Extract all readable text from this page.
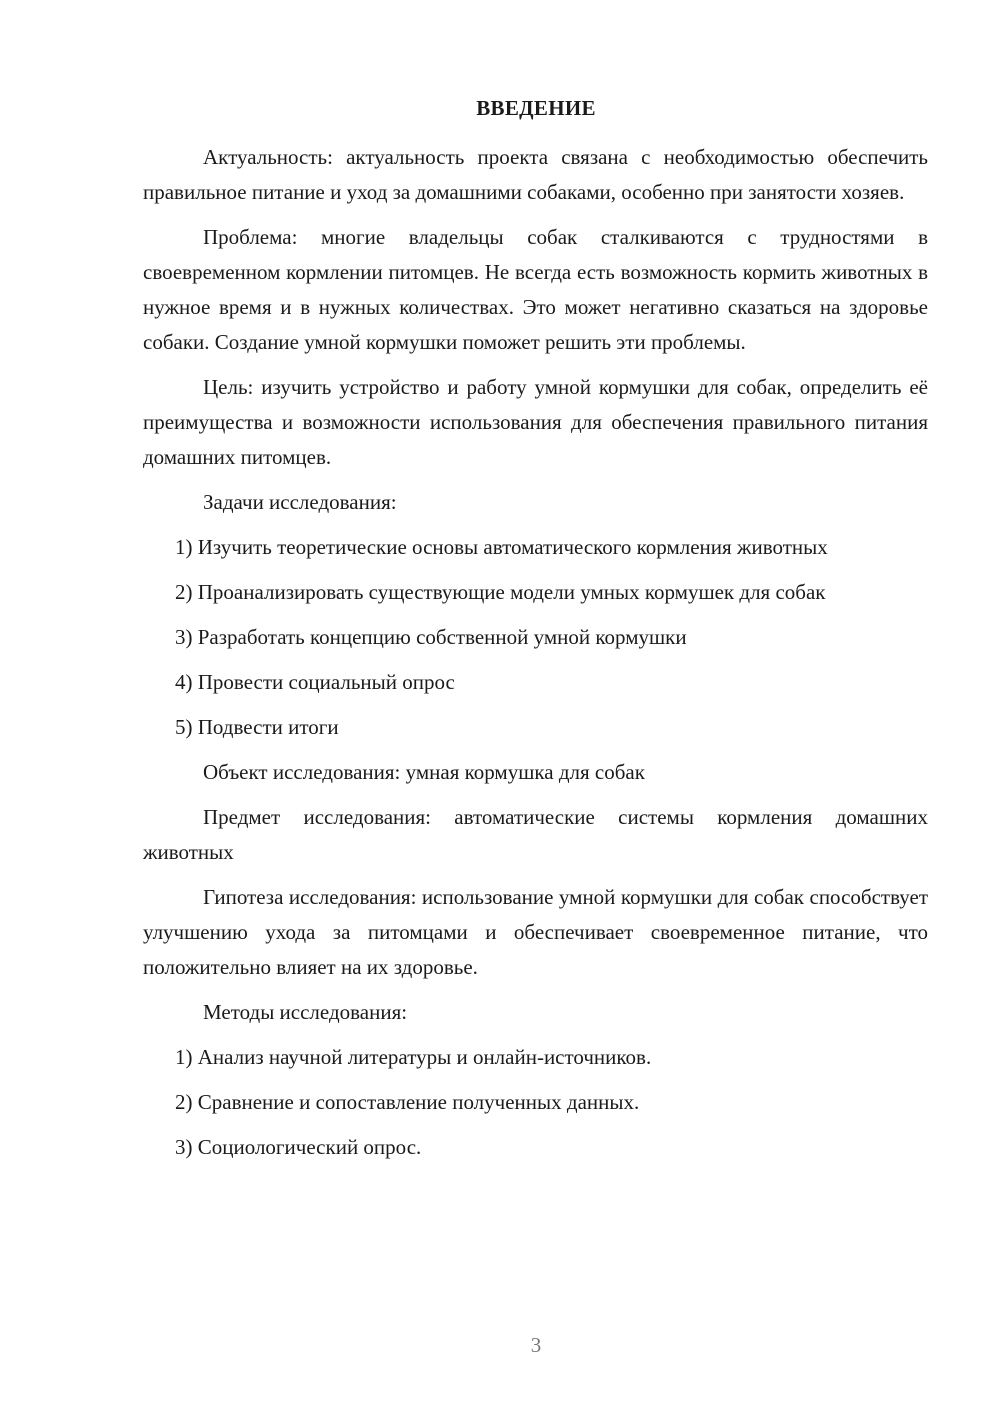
ВВЕДЕНИЕ

Актуальность: актуальность проекта связана с необходимостью обеспечить правильное питание и уход за домашними собаками, особенно при занятости хозяев.

Проблема: многие владельцы собак сталкиваются с трудностями в своевременном кормлении питомцев. Не всегда есть возможность кормить животных в нужное время и в нужных количествах. Это может негативно сказаться на здоровье собаки. Создание умной кормушки поможет решить эти проблемы.

Цель: изучить устройство и работу умной кормушки для собак, определить её преимущества и возможности использования для обеспечения правильного питания домашних питомцев.

Задачи исследования:

1) Изучить теоретические основы автоматического кормления животных

2) Проанализировать существующие модели умных кормушек для собак

3) Разработать концепцию собственной умной кормушки

4) Провести социальный опрос

5) Подвести итоги

Объект исследования: умная кормушка для собак

Предмет исследования: автоматические системы кормления домашних животных

Гипотеза исследования: использование умной кормушки для собак способствует улучшению ухода за питомцами и обеспечивает своевременное питание, что положительно влияет на их здоровье.

Методы исследования:

1) Анализ научной литературы и онлайн-источников.

2) Сравнение и сопоставление полученных данных.

3) Социологический опрос.

3
